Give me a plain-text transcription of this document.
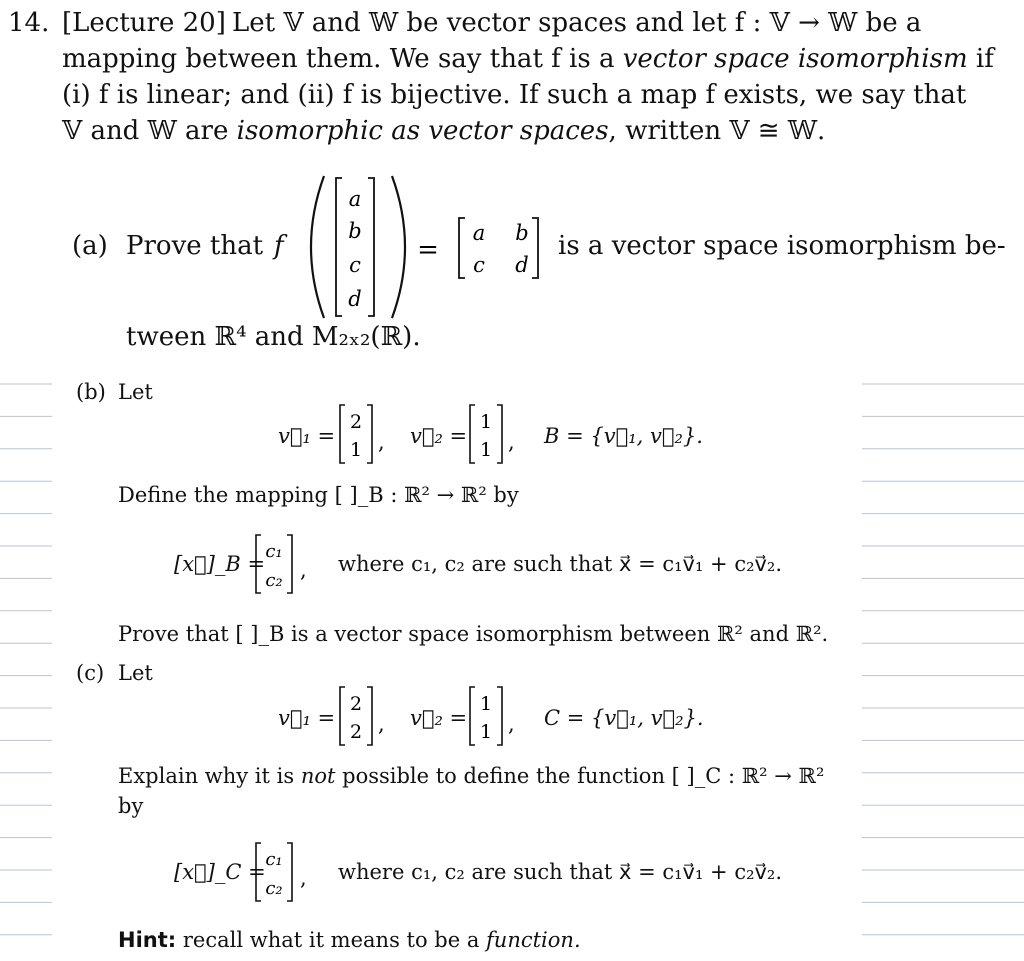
14. [Lecture 20] Let 𝕍 and 𝕎 be vector spaces and let f : 𝕍 → 𝕎 be a
mapping between them. We say that f is a vector space isomorphism if
(i) f is linear; and (ii) f is bijective. If such a map f exists, we say that
𝕍 and 𝕎 are isomorphic as vector spaces, written 𝕍 ≅ 𝕎.
(a) Prove that f
a
b
c
d
=
a b
c d
is a vector space isomorphism be-
tween ℝ⁴ and M₂ₓ₂(ℝ).
(b) Let
v⃗₁ =
2
1 , v⃗₂ =
1
1 , B = {v⃗₁, v⃗₂}.
Define the mapping [ ]_B : ℝ² → ℝ² by
[x⃗]_B =
c₁
c₂ , where c₁, c₂ are such that x⃗ = c₁v⃗₁ + c₂v⃗₂.
Prove that [ ]_B is a vector space isomorphism between ℝ² and ℝ².
(c) Let
v⃗₁ =
2
2 , v⃗₂ =
1
1 , C = {v⃗₁, v⃗₂}.
Explain why it is not possible to define the function [ ]_C : ℝ² → ℝ²
by
[x⃗]_C =
c₁
c₂ , where c₁, c₂ are such that x⃗ = c₁v⃗₁ + c₂v⃗₂.
Hint: recall what it means to be a function.
